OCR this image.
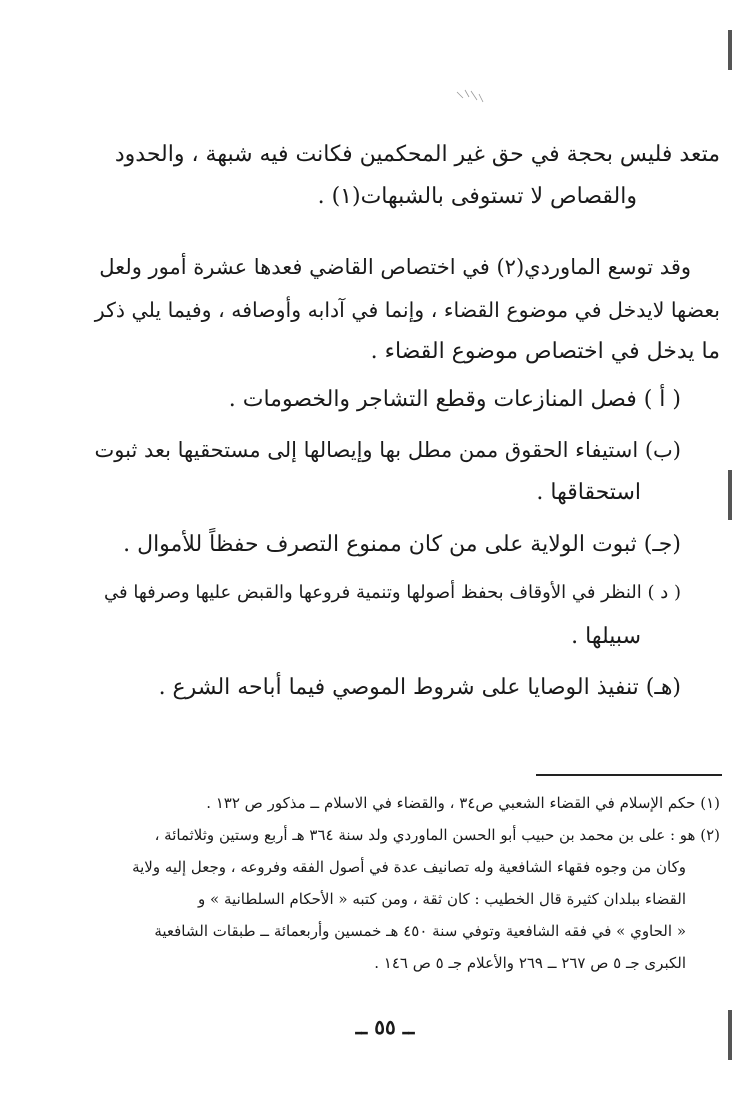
متعد فليس بحجة في حق غير المحكمين فكانت فيه شبهة ، والحدود
والقصاص لا تستوفى بالشبهات(١) .
وقد توسع الماوردي(٢) في اختصاص القاضي فعدها عشرة أمور ولعل
بعضها لايدخل في موضوع القضاء ، وإنما في آدابه وأوصافه ، وفيما يلي ذكر
ما يدخل في اختصاص موضوع القضاء .
( أ ) فصل المنازعات وقطع التشاجر والخصومات .
(ب) استيفاء الحقوق ممن مطل بها وإيصالها إلى مستحقيها بعد ثبوت
استحقاقها .
(جـ) ثبوت الولاية على من كان ممنوع التصرف حفظاً للأموال .
( د ) النظر في الأوقاف بحفظ أصولها وتنمية فروعها والقبض عليها وصرفها في
سبيلها .
(هـ) تنفيذ الوصايا على شروط الموصي فيما أباحه الشرع .
(١) حكم الإسلام في القضاء الشعبي ص٣٤ ، والقضاء في الاسلام ــ مذكور ص ١٣٢ .
(٢) هو : على بن محمد بن حبيب أبو الحسن الماوردي ولد سنة ٣٦٤ هـ أربع وستين وثلاثمائة ،
وكان من وجوه فقهاء الشافعية وله تصانيف عدة في أصول الفقه وفروعه ، وجعل إليه ولاية
القضاء ببلدان كثيرة قال الخطيب : كان ثقة ، ومن كتبه « الأحكام السلطانية » و
« الحاوي » في فقه الشافعية وتوفي سنة ٤٥٠ هـ خمسين وأربعمائة ــ طبقات الشافعية
الكبرى جـ ٥ ص ٢٦٧ ــ ٢٦٩ والأعلام جـ ٥ ص ١٤٦ .
ــ ٥٥ ــ
